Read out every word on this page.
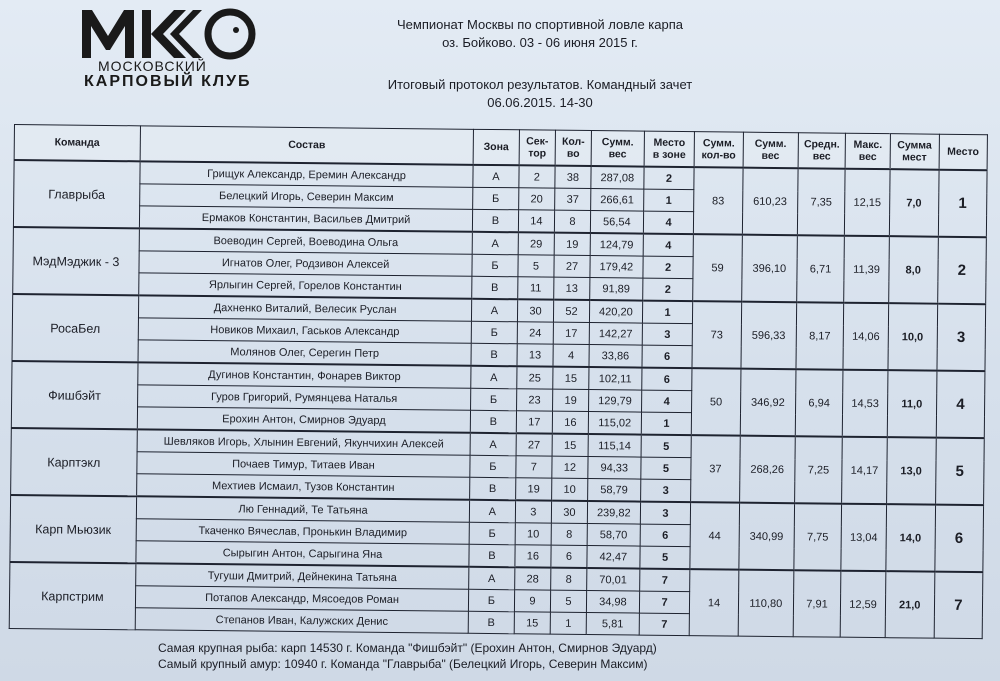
МОСКОВСКИЙ
КАРПОВЫЙ КЛУБ
Чемпионат Москвы по спортивной ловле карпа
оз. Бойково. 03 - 06 июня 2015 г.
Итоговый протокол результатов. Командный зачет
06.06.2015. 14-30
Команда	Состав	Зона	Сек-
тор	Кол-
во	Сумм.
вес	Место
в зоне	Сумм.
кол-во	Сумм.
вес	Средн.
вес	Макс.
вес	Сумма
мест	Место
Главрыба	Грищук Александр, Еремин Александр	А	2	38	287,08	2	83	610,23	7,35	12,15	7,0	1
	Белецкий Игорь, Северин Максим	Б	20	37	266,61	1						
	Ермаков Константин, Васильев Дмитрий	В	14	8	56,54	4						
МэдМэджик - 3	Воеводин Сергей, Воеводина Ольга	А	29	19	124,79	4	59	396,10	6,71	11,39	8,0	2
	Игнатов Олег, Родзивон Алексей	Б	5	27	179,42	2						
	Ярлыгин Сергей, Горелов Константин	В	11	13	91,89	2						
РосаБел	Дахненко Виталий, Велесик Руслан	А	30	52	420,20	1	73	596,33	8,17	14,06	10,0	3
	Новиков Михаил, Гаськов Александр	Б	24	17	142,27	3						
	Молянов Олег, Серегин Петр	В	13	4	33,86	6						
Фишбэйт	Дугинов Константин, Фонарев Виктор	А	25	15	102,11	6	50	346,92	6,94	14,53	11,0	4
	Гуров Григорий, Румянцева Наталья	Б	23	19	129,79	4						
	Ерохин Антон, Смирнов Эдуард	В	17	16	115,02	1						
Карптэкл	Шевляков Игорь, Хлынин Евгений, Якунчихин Алексей	А	27	15	115,14	5	37	268,26	7,25	14,17	13,0	5
	Почаев Тимур, Титаев Иван	Б	7	12	94,33	5						
	Мехтиев Исмаил, Тузов Константин	В	19	10	58,79	3						
Карп Мьюзик	Лю Геннадий, Те Татьяна	А	3	30	239,82	3	44	340,99	7,75	13,04	14,0	6
	Ткаченко Вячеслав, Пронькин Владимир	Б	10	8	58,70	6						
	Сырыгин Антон, Сарыгина Яна	В	16	6	42,47	5						
Карпстрим	Тугуши Дмитрий, Дейнекина Татьяна	А	28	8	70,01	7	14	110,80	7,91	12,59	21,0	7
	Потапов Александр, Мясоедов Роман	Б	9	5	34,98	7						
	Степанов Иван, Калужских Денис	В	15	1	5,81	7						
Самая крупная рыба: карп 14530 г. Команда "Фишбэйт" (Ерохин Антон, Смирнов Эдуард)
Самый крупный амур: 10940 г. Команда "Главрыба" (Белецкий Игорь, Северин Максим)
